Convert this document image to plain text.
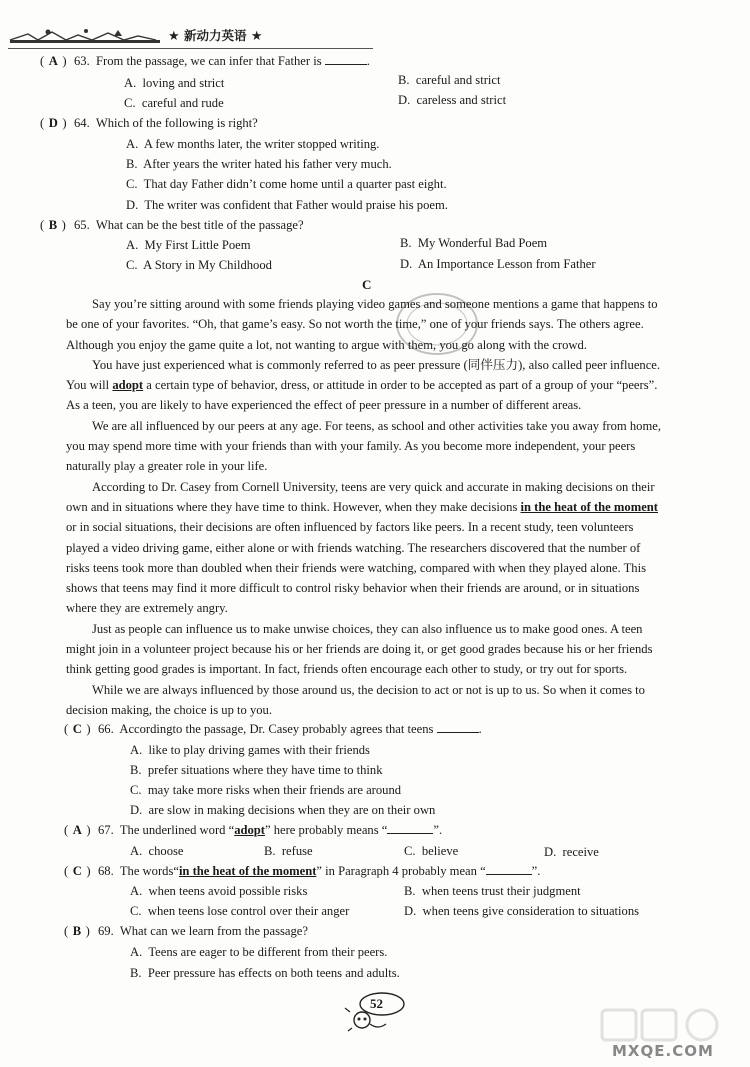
★ 新动力英语 ★
( A ) 63. From the passage, we can infer that Father is	.
A. loving and strict	B. careful and strict
C. careful and rude	D. careless and strict
( D ) 64. Which of the following is right?
A. A few months later, the writer stopped writing.
B. After years the writer hated his father very much.
C. That day Father didn’t come home until a quarter past eight.
D. The writer was confident that Father would praise his poem.
( B ) 65. What can be the best title of the passage?
A. My First Little Poem	B. My Wonderful Bad Poem
C. A Story in My Childhood	D. An Importance Lesson from Father
C

Say you’re sitting around with some friends playing video games and someone mentions a game that happens to

be one of your favorites. “Oh, that game’s easy. So not worth the time,” one of your friends says. The others agree.

Although you enjoy the game quite a lot, not wanting to argue with them, you go along with the crowd.

You have just experienced what is commonly referred to as peer pressure (同伴压力), also called peer influence.

You will adopt a certain type of behavior, dress, or attitude in order to be accepted as part of a group of your “peers”.

As a teen, you are likely to have experienced the effect of peer pressure in a number of different areas.

We are all influenced by our peers at any age. For teens, as school and other activities take you away from home,

you may spend more time with your friends than with your family. As you become more independent, your peers

naturally play a greater role in your life.

According to Dr. Casey from Cornell University, teens are very quick and accurate in making decisions on their

own and in situations where they have time to think. However, when they make decisions in the heat of the moment

or in social situations, their decisions are often influenced by factors like peers. In a recent study, teen volunteers

played a video driving game, either alone or with friends watching. The researchers discovered that the number of

risks teens took more than doubled when their friends were watching, compared with when they played alone. This

shows that teens may find it more difficult to control risky behavior when their friends are around, or in situations

where they are extremely angry.

Just as people can influence us to make unwise choices, they can also influence us to make good ones. A teen

might join in a volunteer project because his or her friends are doing it, or get good grades because his or her friends

think getting good grades is important. In fact, friends often encourage each other to study, or try out for sports.

While we are always influenced by those around us, the decision to act or not is up to us. So when it comes to

decision making, the choice is up to you.

( C ) 66. Accordingto the passage, Dr. Casey probably agrees that teens	.
A. like to play driving games with their friends
B. prefer situations where they have time to think
C. may take more risks when their friends are around
D. are slow in making decisions when they are on their own
( A ) 67. The underlined word “adopt” here probably means “	”.
A. choose	B. refuse	C. believe	D. receive
( C ) 68. The words“in the heat of the moment” in Paragraph 4 probably mean “	”.
A. when teens avoid possible risks	B. when teens trust their judgment
C. when teens lose control over their anger	D. when teens give consideration to situations
( B ) 69. What can we learn from the passage?
A. Teens are eager to be different from their peers.
B. Peer pressure has effects on both teens and adults.
52
MXQE.COM
